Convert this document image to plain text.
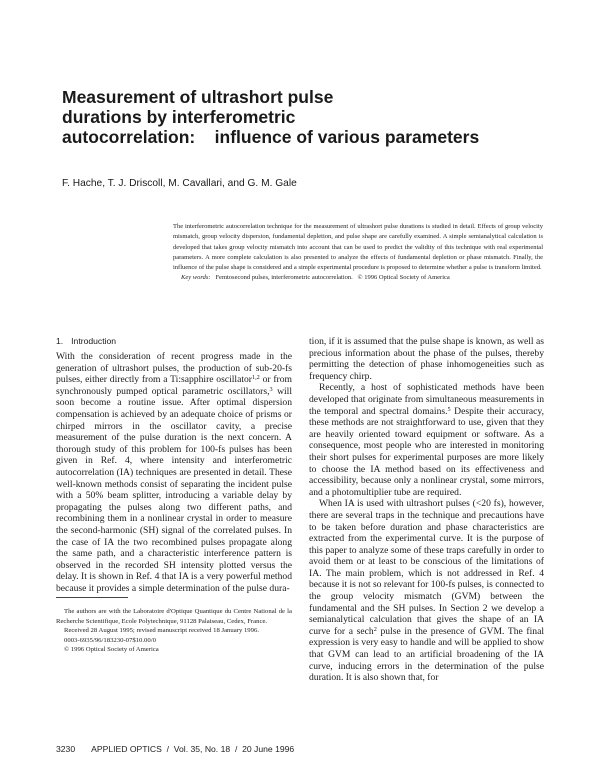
Measurement of ultrashort pulse
durations by interferometric
autocorrelation:    influence of various parameters

F. Hache, T. J. Driscoll, M. Cavallari, and G. M. Gale

The interferometric autocorrelation technique for the measurement of ultrashort pulse durations is studied in detail. Effects of group velocity mismatch, group velocity dispersion, fundamental depletion, and pulse shape are carefully examined. A simple semianalytical calculation is developed that takes group velocity mismatch into account that can be used to predict the validity of this technique with real experimental parameters. A more complete calculation is also presented to analyze the effects of fundamental depletion or phase mismatch. Finally, the influence of the pulse shape is considered and a simple experimental procedure is proposed to determine whether a pulse is transform limited.

Key words: Femtosecond pulses, interferometric autocorrelation. © 1996 Optical Society of America

1. Introduction

With the consideration of recent progress made in the generation of ultrashort pulses, the production of sub-20-fs pulses, either directly from a Ti:sapphire oscillator$^{1,2}$ or from synchronously pumped optical parametric oscillators,$^3$ will soon become a routine issue. After optimal dispersion compensation is achieved by an adequate choice of prisms or chirped mirrors in the oscillator cavity, a precise measurement of the pulse duration is the next concern. A thorough study of this problem for 100-fs pulses has been given in Ref. 4, where intensity and interferometric autocorrelation (IA) techniques are presented in detail. These well-known methods consist of separating the incident pulse with a 50% beam splitter, introducing a variable delay by propagating the pulses along two different paths, and recombining them in a nonlinear crystal in order to measure the second-harmonic (SH) signal of the correlated pulses. In the case of IA the two recombined pulses propagate along the same path, and a characteristic interference pattern is observed in the recorded SH intensity plotted versus the delay. It is shown in Ref. 4 that IA is a very powerful method because it provides a simple determination of the pulse dura-

tion, if it is assumed that the pulse shape is known, as well as precious information about the phase of the pulses, thereby permitting the detection of phase inhomogeneities such as frequency chirp.

Recently, a host of sophisticated methods have been developed that originate from simultaneous measurements in the temporal and spectral domains.$^5$ Despite their accuracy, these methods are not straightforward to use, given that they are heavily oriented toward equipment or software. As a consequence, most people who are interested in monitoring their short pulses for experimental purposes are more likely to choose the IA method based on its effectiveness and accessibility, because only a nonlinear crystal, some mirrors, and a photomultiplier tube are required.

When IA is used with ultrashort pulses (<20 fs), however, there are several traps in the technique and precautions have to be taken before duration and phase characteristics are extracted from the experimental curve. It is the purpose of this paper to analyze some of these traps carefully in order to avoid them or at least to be conscious of the limitations of IA. The main problem, which is not addressed in Ref. 4 because it is not so relevant for 100-fs pulses, is connected to the group velocity mismatch (GVM) between the fundamental and the SH pulses. In Section 2 we develop a semianalytical calculation that gives the shape of an IA curve for a sech$^2$ pulse in the presence of GVM. The final expression is very easy to handle and will be applied to show that GVM can lead to an artificial broadening of the IA curve, inducing errors in the determination of the pulse duration. It is also shown that, for

The authors are with the Laboratoire d'Optique Quantique du Centre National de la Recherche Scientifique, Ecole Polytechnique, 91128 Palaiseau, Cedex, France.

Received 28 August 1995; revised manuscript received 18 January 1996.

0003-6935/96/183230-07$10.00/0

© 1996 Optical Society of America

3230 APPLIED OPTICS / Vol. 35, No. 18 / 20 June 1996
